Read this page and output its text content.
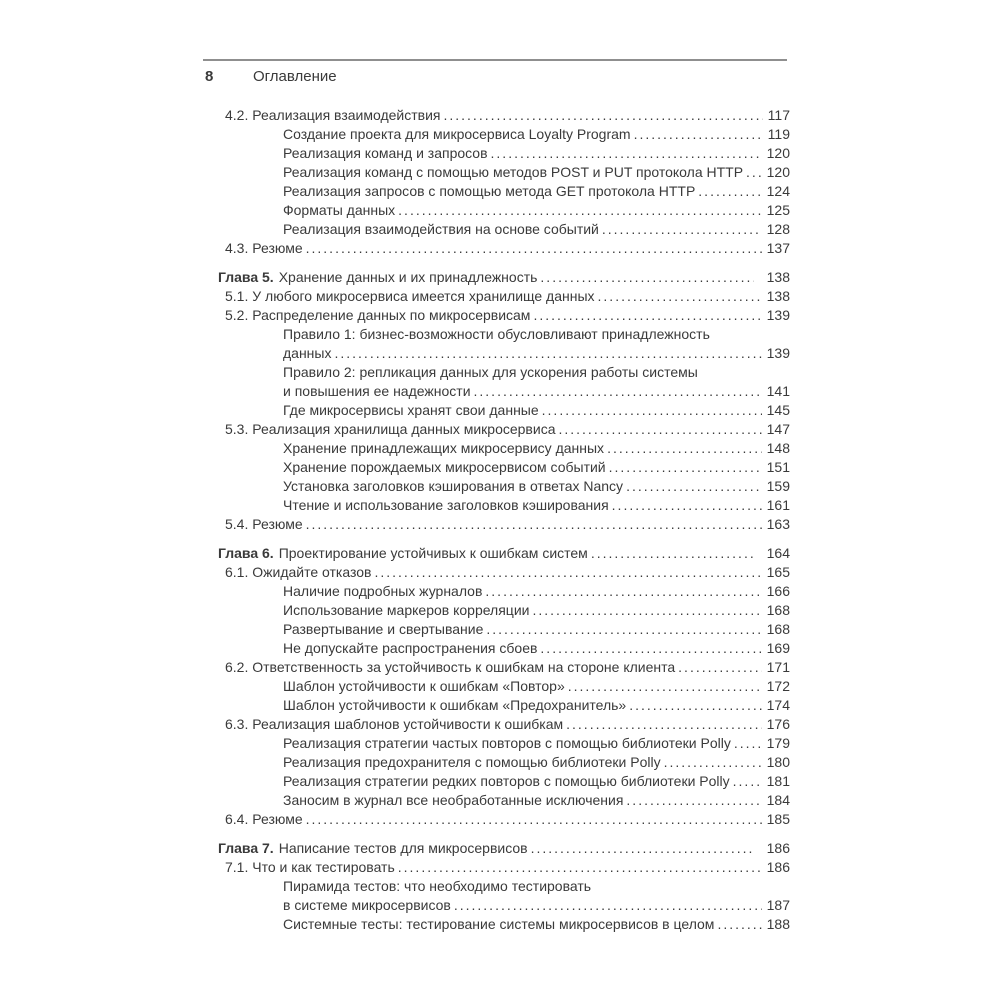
8	Оглавление
4.2. Реализация взаимодействия .....	117
Создание проекта для микросервиса Loyalty Program .....	119
Реализация команд и запросов .....	120
Реализация команд с помощью методов POST и PUT протокола HTTP .....	120
Реализация запросов с помощью метода GET протокола HTTP .....	124
Форматы данных .....	125
Реализация взаимодействия на основе событий .....	128
4.3. Резюме .....	137
Глава 5. Хранение данных и их принадлежность .....	138
5.1. У любого микросервиса имеется хранилище данных .....	138
5.2. Распределение данных по микросервисам .....	139
Правило 1: бизнес-возможности обусловливают принадлежность
данных .....	139
Правило 2: репликация данных для ускорения работы системы
и повышения ее надежности .....	141
Где микросервисы хранят свои данные .....	145
5.3. Реализация хранилища данных микросервиса .....	147
Хранение принадлежащих микросервису данных .....	148
Хранение порождаемых микросервисом событий .....	151
Установка заголовков кэширования в ответах Nancy .....	159
Чтение и использование заголовков кэширования .....	161
5.4. Резюме .....	163
Глава 6. Проектирование устойчивых к ошибкам систем .....	164
6.1. Ожидайте отказов .....	165
Наличие подробных журналов .....	166
Использование маркеров корреляции .....	168
Развертывание и свертывание .....	168
Не допускайте распространения сбоев .....	169
6.2. Ответственность за устойчивость к ошибкам на стороне клиента .....	171
Шаблон устойчивости к ошибкам «Повтор» .....	172
Шаблон устойчивости к ошибкам «Предохранитель» .....	174
6.3. Реализация шаблонов устойчивости к ошибкам .....	176
Реализация стратегии частых повторов с помощью библиотеки Polly .....	179
Реализация предохранителя с помощью библиотеки Polly .....	180
Реализация стратегии редких повторов с помощью библиотеки Polly .....	181
Заносим в журнал все необработанные исключения .....	184
6.4. Резюме .....	185
Глава 7. Написание тестов для микросервисов .....	186
7.1. Что и как тестировать .....	186
Пирамида тестов: что необходимо тестировать
в системе микросервисов .....	187
Системные тесты: тестирование системы микросервисов в целом .....	188
